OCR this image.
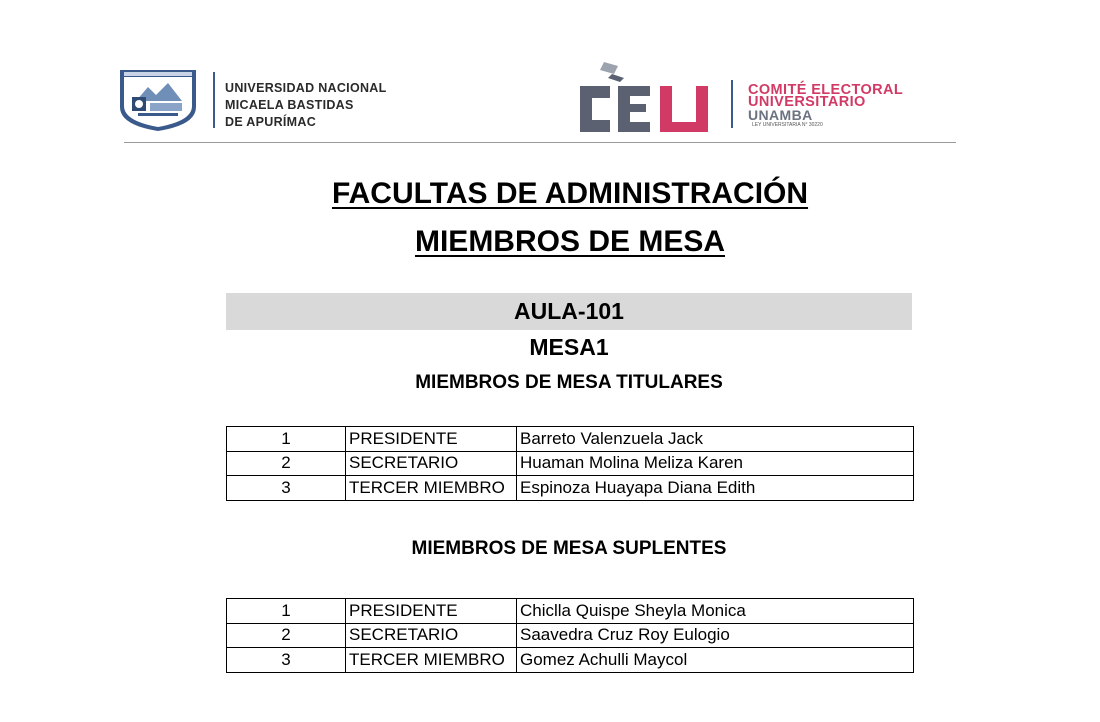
UNIVERSIDAD NACIONAL
MICAELA BASTIDAS
DE APURÍMAC
COMITÉ ELECTORAL
UNIVERSITARIO
UNAMBA
LEY UNIVERSITARIA N° 30220
FACULTAS DE ADMINISTRACIÓN
MIEMBROS DE MESA
AULA-101
MESA1
MIEMBROS DE MESA TITULARES
1	PRESIDENTE	Barreto Valenzuela Jack
2	SECRETARIO	Huaman Molina Meliza Karen
3	TERCER MIEMBRO	Espinoza Huayapa Diana Edith
MIEMBROS DE MESA SUPLENTES
1	PRESIDENTE	Chiclla Quispe Sheyla Monica
2	SECRETARIO	Saavedra Cruz Roy Eulogio
3	TERCER MIEMBRO	Gomez Achulli Maycol
